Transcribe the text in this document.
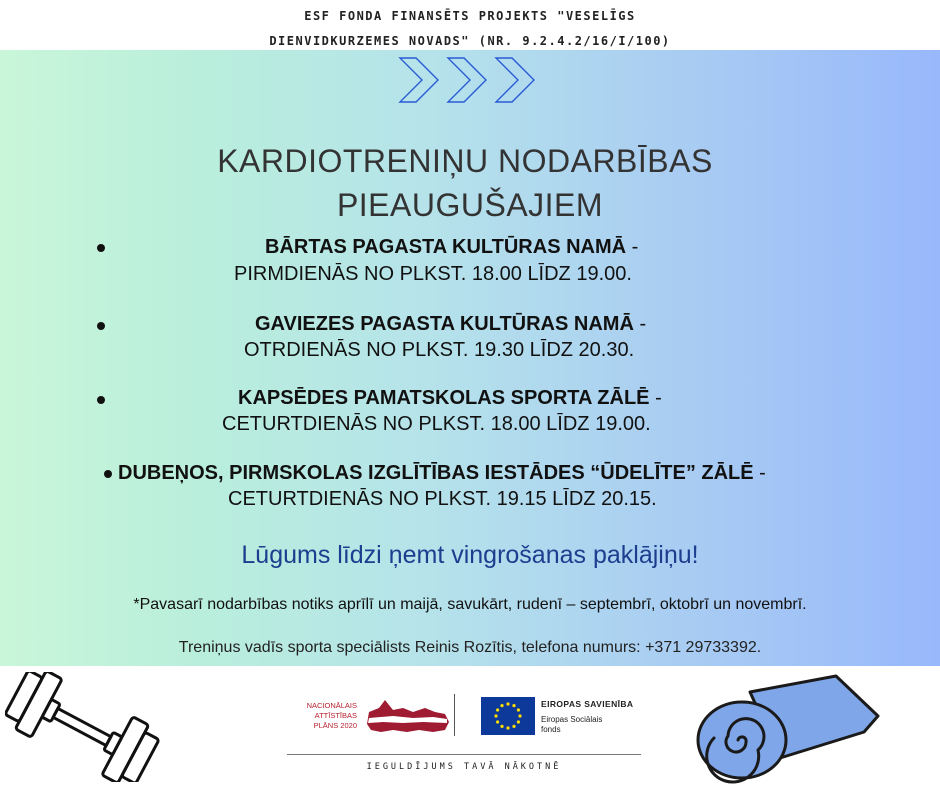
ESF FONDA FINANSĒTS PROJEKTS "VESELĪGS
DIENVIDKURZEMES NOVADS" (NR. 9.2.4.2/16/I/100)
KARDIOTRENIŅU NODARBĪBAS
PIEAUGUŠAJIEM
BĀRTAS PAGASTA KULTŪRAS NAMĀ -
PIRMDIENĀS NO PLKST. 18.00 LĪDZ 19.00.
GAVIEZES PAGASTA KULTŪRAS NAMĀ -
OTRDIENĀS NO PLKST. 19.30 LĪDZ 20.30.
KAPSĒDES PAMATSKOLAS SPORTA ZĀLĒ -
CETURTDIENĀS NO PLKST. 18.00 LĪDZ 19.00.
DUBEŅOS, PIRMSKOLAS IZGLĪTĪBAS IESTĀDES “ŪDELĪTE” ZĀLĒ -
CETURTDIENĀS NO PLKST. 19.15 LĪDZ 20.15.
Lūgums līdzi ņemt vingrošanas paklājiņu!
*Pavasarī nodarbības notiks aprīlī un maijā, savukārt, rudenī – septembrī, oktobrī un novembrī.
Treniņus vadīs sporta speciālists Reinis Rozītis, telefona numurs: +371 29733392.
NACIONĀLAIS
ATTĪSTĪBAS
PLĀNS 2020
EIROPAS SAVIENĪBA
Eiropas Sociālais
fonds
IEGULDĪJUMS TAVĀ NĀKOTNĒ
